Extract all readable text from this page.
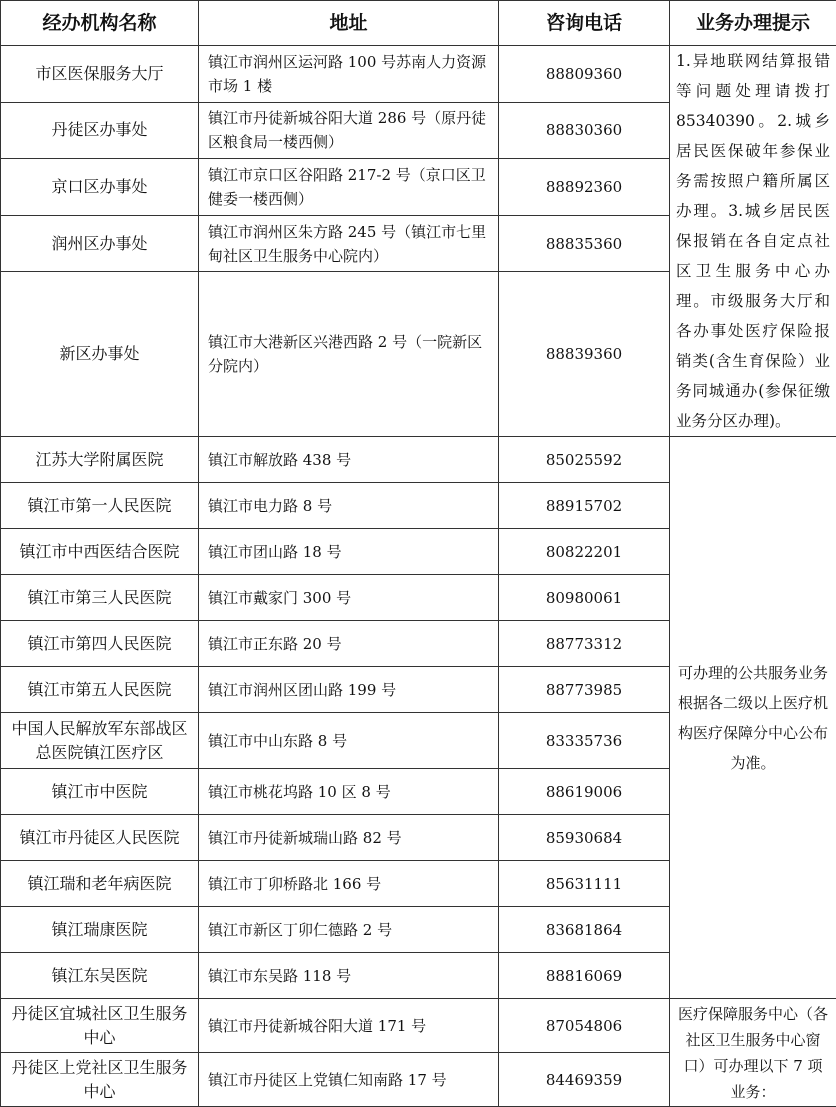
经办机构名称	地址	咨询电话	业务办理提示
市区医保服务大厅	镇江市润州区运河路 100 号苏南人力资源市场 1 楼	88809360	1.异地联网结算报错等问题处理请拨打 85340390。2.城乡居民医保破年参保业务需按照户籍所属区办理。3.城乡居民医保报销在各自定点社区卫生服务中心办理。市级服务大厅和各办事处医疗保险报销类(含生育保险）业务同城通办(参保征缴业务分区办理)。
丹徒区办事处	镇江市丹徒新城谷阳大道 286 号（原丹徒区粮食局一楼西侧）	88830360	
京口区办事处	镇江市京口区谷阳路 217-2 号（京口区卫健委一楼西侧）	88892360	
润州区办事处	镇江市润州区朱方路 245 号（镇江市七里甸社区卫生服务中心院内）	88835360	
新区办事处	镇江市大港新区兴港西路 2 号（一院新区分院内）	88839360	
江苏大学附属医院	镇江市解放路 438 号	85025592	可办理的公共服务业务根据各二级以上医疗机构医疗保障分中心公布为准。
镇江市第一人民医院	镇江市电力路 8 号	88915702	
镇江市中西医结合医院	镇江市团山路 18 号	80822201	
镇江市第三人民医院	镇江市戴家门 300 号	80980061	
镇江市第四人民医院	镇江市正东路 20 号	88773312	
镇江市第五人民医院	镇江市润州区团山路 199 号	88773985	
中国人民解放军东部战区总医院镇江医疗区	镇江市中山东路 8 号	83335736	
镇江市中医院	镇江市桃花坞路 10 区 8 号	88619006	
镇江市丹徒区人民医院	镇江市丹徒新城瑞山路 82 号	85930684	
镇江瑞和老年病医院	镇江市丁卯桥路北 166 号	85631111	
镇江瑞康医院	镇江市新区丁卯仁德路 2 号	83681864	
镇江东吴医院	镇江市东吴路 118 号	88816069	
丹徒区宜城社区卫生服务中心	镇江市丹徒新城谷阳大道 171 号	87054806	医疗保障服务中心（各社区卫生服务中心窗口）可办理以下 7 项业务：
丹徒区上党社区卫生服务中心	镇江市丹徒区上党镇仁知南路 17 号	84469359	
